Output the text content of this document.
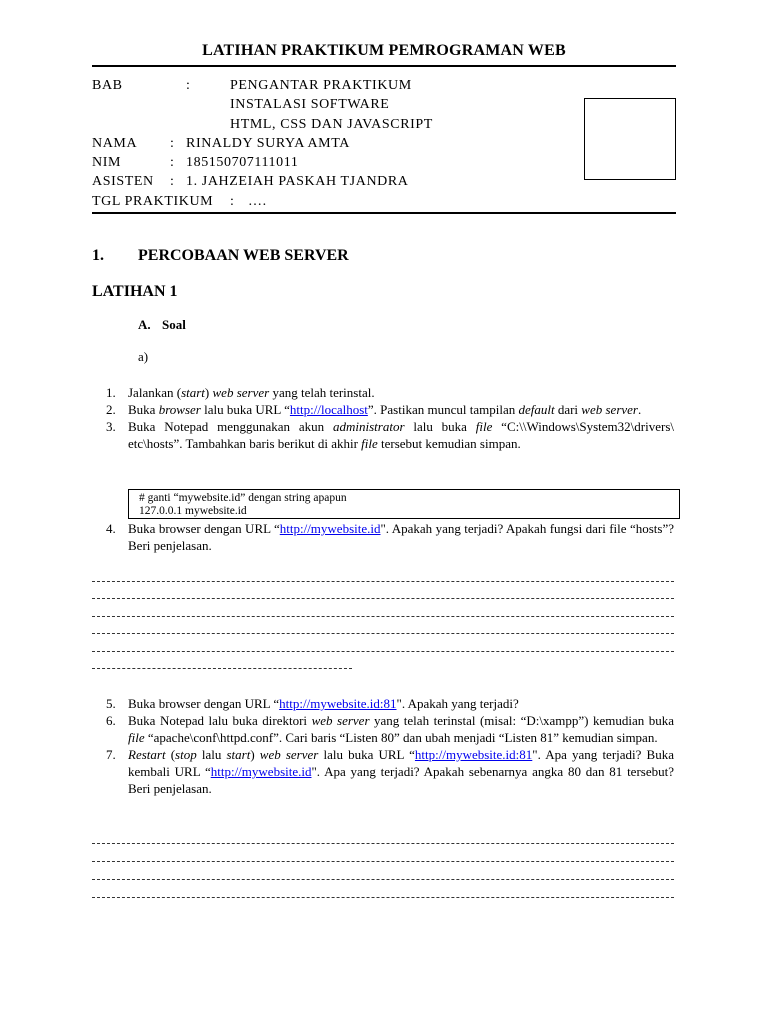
LATIHAN PRAKTIKUM PEMROGRAMAN WEB
BAB	:	PENGANTAR PRAKTIKUM
INSTALASI SOFTWARE
HTML, CSS DAN JAVASCRIPT
NAMA : RINALDY SURYA AMTA
NIM	: 185150707111011
ASISTEN : 1. JAHZEIAH PASKAH TJANDRA
TGL PRAKTIKUM : ….
1. PERCOBAAN WEB SERVER
LATIHAN 1
A. Soal
a)
1. Jalankan (start) web server yang telah terinstal.
2. Buka browser lalu buka URL “http://localhost”. Pastikan muncul tampilan default dari web server.
3. Buka Notepad menggunakan akun administrator lalu buka file “C:\\Windows\System32\drivers\ etc\hosts”. Tambahkan baris berikut di akhir file tersebut kemudian simpan.
# ganti “mywebsite.id” dengan string apapun
127.0.0.1 mywebsite.id
4. Buka browser dengan URL “http://mywebsite.id". Apakah yang terjadi? Apakah fungsi dari file “hosts”? Beri penjelasan.
5. Buka browser dengan URL “http://mywebsite.id:81". Apakah yang terjadi?
6. Buka Notepad lalu buka direktori web server yang telah terinstal (misal: “D:\xampp”) kemudian buka file “apache\conf\httpd.conf”. Cari baris “Listen 80” dan ubah menjadi “Listen 81” kemudian simpan.
7. Restart (stop lalu start) web server lalu buka URL “http://mywebsite.id:81". Apa yang terjadi? Buka kembali URL “http://mywebsite.id". Apa yang terjadi? Apakah sebenarnya angka 80 dan 81 tersebut? Beri penjelasan.
